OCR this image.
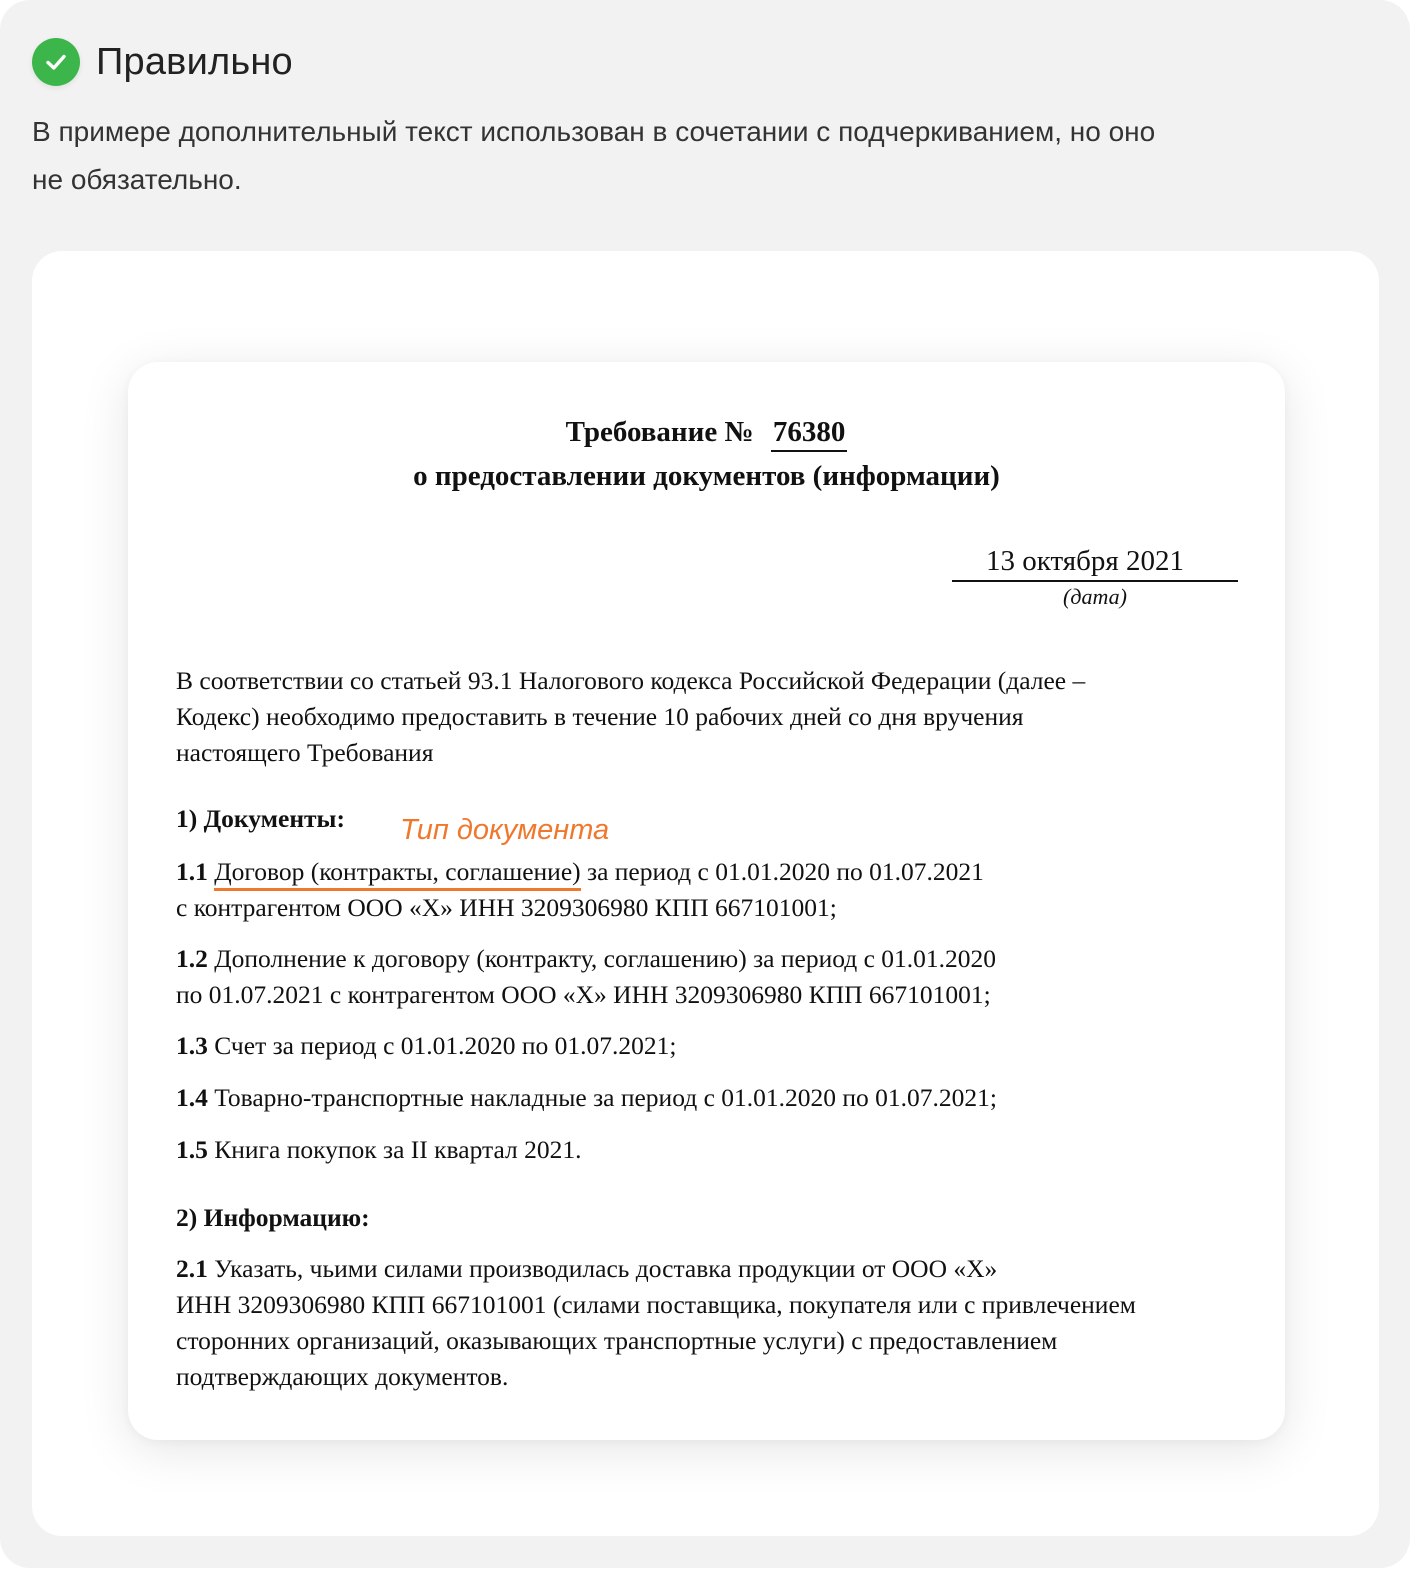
Правильно
В примере дополнительный текст использован в сочетании с подчеркиванием, но оно
не обязательно.
Требование № 76380
о предоставлении документов (информации)
13 октября 2021
(дата)
В соответствии со статьей 93.1 Налогового кодекса Российской Федерации (далее –
Кодекс) необходимо предоставить в течение 10 рабочих дней со дня вручения
настоящего Требования
1) Документы: Тип документа
1.1 Договор (контракты, соглашение) за период с 01.01.2020 по 01.07.2021
с контрагентом ООО «Х» ИНН 3209306980 КПП 667101001;
1.2 Дополнение к договору (контракту, соглашению) за период с 01.01.2020
по 01.07.2021 с контрагентом ООО «Х» ИНН 3209306980 КПП 667101001;
1.3 Счет за период с 01.01.2020 по 01.07.2021;
1.4 Товарно-транспортные накладные за период с 01.01.2020 по 01.07.2021;
1.5 Книга покупок за II квартал 2021.
2) Информацию:
2.1 Указать, чьими силами производилась доставка продукции от ООО «Х»
ИНН 3209306980 КПП 667101001 (силами поставщика, покупателя или с привлечением
сторонних организаций, оказывающих транспортные услуги) с предоставлением
подтверждающих документов.
